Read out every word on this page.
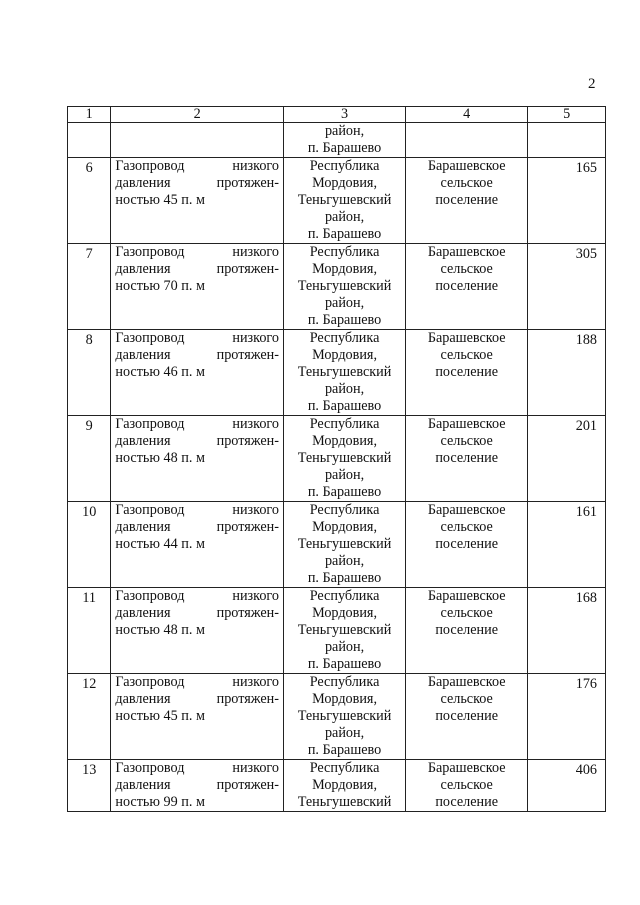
2
1	2	3	4	5

		район,
п. Барашево		

6	Газопровод низкого
давления протяжен-
ностью 45 п. м	Республика
Мордовия,
Теньгушевский
район,
п. Барашево	Барашевское
сельское
поселение	165

7	Газопровод низкого
давления протяжен-
ностью 70 п. м	Республика
Мордовия,
Теньгушевский
район,
п. Барашево	Барашевское
сельское
поселение	305

8	Газопровод низкого
давления протяжен-
ностью 46 п. м	Республика
Мордовия,
Теньгушевский
район,
п. Барашево	Барашевское
сельское
поселение	188

9	Газопровод низкого
давления протяжен-
ностью 48 п. м	Республика
Мордовия,
Теньгушевский
район,
п. Барашево	Барашевское
сельское
поселение	201

10	Газопровод низкого
давления протяжен-
ностью 44 п. м	Республика
Мордовия,
Теньгушевский
район,
п. Барашево	Барашевское
сельское
поселение	161

11	Газопровод низкого
давления протяжен-
ностью 48 п. м	Республика
Мордовия,
Теньгушевский
район,
п. Барашево	Барашевское
сельское
поселение	168

12	Газопровод низкого
давления протяжен-
ностью 45 п. м	Республика
Мордовия,
Теньгушевский
район,
п. Барашево	Барашевское
сельское
поселение	176

13	Газопровод низкого
давления протяжен-
ностью 99 п. м	Республика
Мордовия,
Теньгушевский	Барашевское
сельское
поселение	406
